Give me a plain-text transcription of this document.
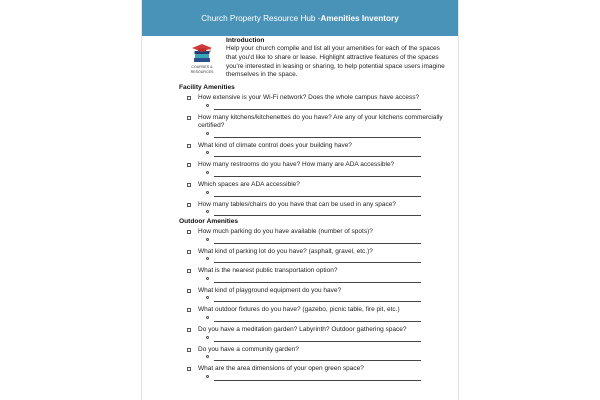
Church Property Resource Hub - Amenities Inventory
COURSES &
RESOURCES
Introduction
Help your church compile and list all your amenities for each of the spaces that you'd like to share or lease. Highlight attractive features of the spaces you're interested in leasing or sharing, to help potential space users imagine themselves in the space.
Facility Amenities
How extensive is your Wi-Fi network? Does the whole campus have access?
How many kitchens/kitchenettes do you have? Are any of your kitchens commercially certified?
What kind of climate control does your building have?
How many restrooms do you have? How many are ADA accessible?
Which spaces are ADA accessible?
How many tables/chairs do you have that can be used in any space?
Outdoor Amenities
How much parking do you have available (number of spots)?
What kind of parking lot do you have? (asphalt, gravel, etc.)?
What is the nearest public transportation option?
What kind of playground equipment do you have?
What outdoor fixtures do you have? (gazebo, picnic table, fire pit, etc.)
Do you have a meditation garden? Labyrinth? Outdoor gathering space?
Do you have a community garden?
What are the area dimensions of your open green space?
